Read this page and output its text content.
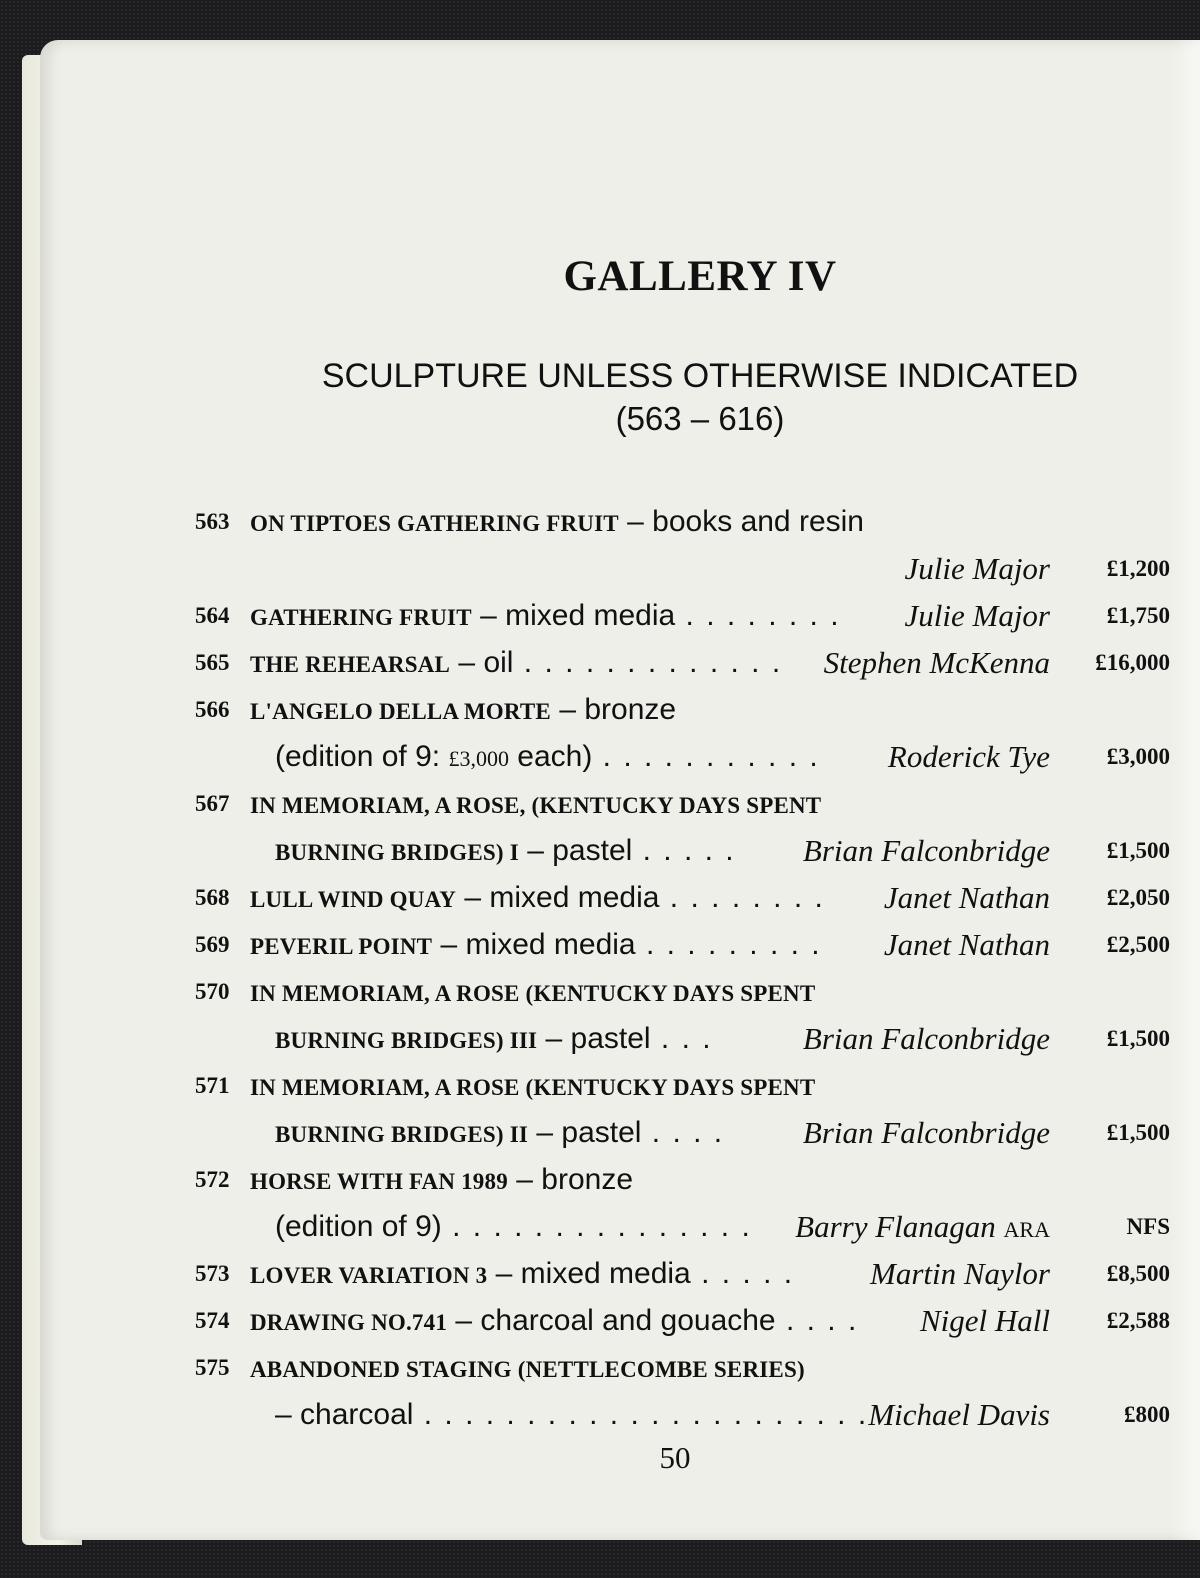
GALLERY IV
SCULPTURE UNLESS OTHERWISE INDICATED
(563 – 616)
563 ON TIPTOES GATHERING FRUIT – books and resin
Julie Major £1,200
564 GATHERING FRUIT – mixed media . . . . . . . . Julie Major £1,750
565 THE REHEARSAL – oil . . . . . . . . . . . . . Stephen McKenna £16,000
566 L'ANGELO DELLA MORTE – bronze
(edition of 9: £3,000 each) . . . . . . . . . . . Roderick Tye £3,000
567 IN MEMORIAM, A ROSE, (KENTUCKY DAYS SPENT
BURNING BRIDGES) I – pastel . . . . . Brian Falconbridge £1,500
568 LULL WIND QUAY – mixed media . . . . . . . . Janet Nathan £2,050
569 PEVERIL POINT – mixed media . . . . . . . . . Janet Nathan £2,500
570 IN MEMORIAM, A ROSE (KENTUCKY DAYS SPENT
BURNING BRIDGES) III – pastel . . .	Brian Falconbridge £1,500
571 IN MEMORIAM, A ROSE (KENTUCKY DAYS SPENT
BURNING BRIDGES) II – pastel . . . .	Brian Falconbridge £1,500
572 HORSE WITH FAN 1989 – bronze
(edition of 9) . . . . . . . . . . . . . . . Barry Flanagan ARA	NFS
573 LOVER VARIATION 3 – mixed media . . . . . Martin Naylor £8,500
574 DRAWING NO.741 – charcoal and gouache . . . . Nigel Hall £2,588
575 ABANDONED STAGING (NETTLECOMBE SERIES)
– charcoal . . . . . . . . . . . . . . . . . . . . . . Michael Davis	£800
50
